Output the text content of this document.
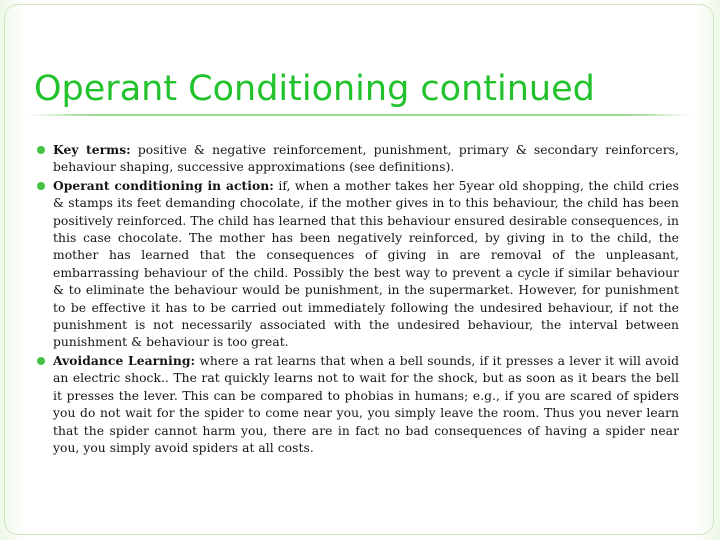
Operant Conditioning continued
Key terms: positive & negative reinforcement, punishment, primary & secondary reinforcers, behaviour shaping, successive approximations (see definitions).
Operant conditioning in action: if, when a mother takes her 5year old shopping, the child cries & stamps its feet demanding chocolate, if the mother gives in to this behaviour, the child has been positively reinforced. The child has learned that this behaviour ensured desirable consequences, in this case chocolate. The mother has been negatively reinforced, by giving in to the child, the mother has learned that the consequences of giving in are removal of the unpleasant, embarrassing behaviour of the child. Possibly the best way to prevent a cycle if similar behaviour & to eliminate the behaviour would be punishment, in the supermarket. However, for punishment to be effective it has to be carried out immediately following the undesired behaviour, if not the punishment is not necessarily associated with the undesired behaviour, the interval between punishment & behaviour is too great.
Avoidance Learning: where a rat learns that when a bell sounds, if it presses a lever it will avoid an electric shock.. The rat quickly learns not to wait for the shock, but as soon as it bears the bell it presses the lever. This can be compared to phobias in humans; e.g., if you are scared of spiders you do not wait for the spider to come near you, you simply leave the room. Thus you never learn that the spider cannot harm you, there are in fact no bad consequences of having a spider near you, you simply avoid spiders at all costs.
